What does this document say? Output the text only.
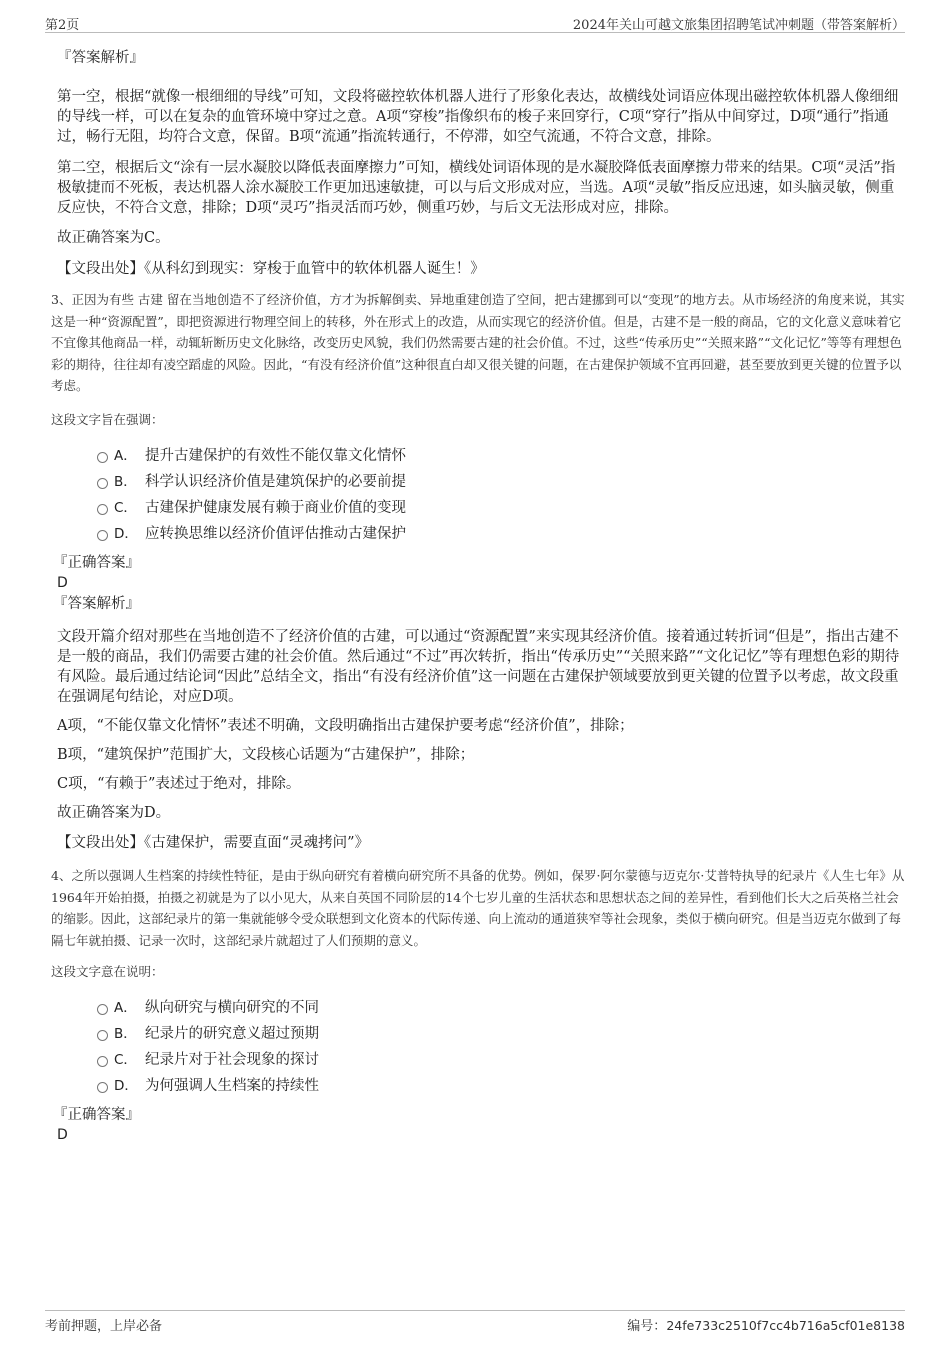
第2页	2024年关山可越文旅集团招聘笔试冲刺题（带答案解析）

『答案解析』

第一空，根据“就像一根细细的导线”可知，文段将磁控软体机器人进行了形象化表达，故横线处词语应体现出磁控软体机器人像细细的导线一样，可以在复杂的血管环境中穿过之意。A项“穿梭”指像织布的梭子来回穿行，C项“穿行”指从中间穿过，D项“通行”指通过，畅行无阻，均符合文意，保留。B项“流通”指流转通行，不停滞，如空气流通，不符合文意，排除。

第二空，根据后文“涂有一层水凝胶以降低表面摩擦力”可知，横线处词语体现的是水凝胶降低表面摩擦力带来的结果。C项“灵活”指极敏捷而不死板，表达机器人涂水凝胶工作更加迅速敏捷，可以与后文形成对应，当选。A项“灵敏”指反应迅速，如头脑灵敏，侧重反应快，不符合文意，排除；D项“灵巧”指灵活而巧妙，侧重巧妙，与后文无法形成对应，排除。

故正确答案为C。

【文段出处】《从科幻到现实：穿梭于血管中的软体机器人诞生！》

3、正因为有些 古建 留在当地创造不了经济价值，方才为拆解倒卖、异地重建创造了空间，把古建挪到可以“变现”的地方去。从市场经济的角度来说，其实这是一种“资源配置”，即把资源进行物理空间上的转移，外在形式上的改造，从而实现它的经济价值。但是，古建不是一般的商品，它的文化意义意味着它不宜像其他商品一样，动辄斩断历史文化脉络，改变历史风貌，我们仍然需要古建的社会价值。不过，这些“传承历史”“关照来路”“文化记忆”等等有理想色彩的期待，往往却有凌空蹈虚的风险。因此，“有没有经济价值”这种很直白却又很关键的问题，在古建保护领域不宜再回避，甚至要放到更关键的位置予以考虑。

这段文字旨在强调：

A． 提升古建保护的有效性不能仅靠文化情怀
B． 科学认识经济价值是建筑保护的必要前提
C． 古建保护健康发展有赖于商业价值的变现
D． 应转换思维以经济价值评估推动古建保护

『正确答案』

D

『答案解析』

文段开篇介绍对那些在当地创造不了经济价值的古建，可以通过“资源配置”来实现其经济价值。接着通过转折词“但是”，指出古建不是一般的商品，我们仍需要古建的社会价值。然后通过“不过”再次转折，指出“传承历史”“关照来路”“文化记忆”等有理想色彩的期待有风险。最后通过结论词“因此”总结全文，指出“有没有经济价值”这一问题在古建保护领域要放到更关键的位置予以考虑，故文段重在强调尾句结论，对应D项。

A项，“不能仅靠文化情怀”表述不明确，文段明确指出古建保护要考虑“经济价值”，排除；

B项，“建筑保护”范围扩大，文段核心话题为“古建保护”，排除；

C项，“有赖于”表述过于绝对，排除。

故正确答案为D。

【文段出处】《古建保护，需要直面“灵魂拷问”》

4、之所以强调人生档案的持续性特征，是由于纵向研究有着横向研究所不具备的优势。例如，保罗·阿尔蒙德与迈克尔·艾普特执导的纪录片《人生七年》从1964年开始拍摄，拍摄之初就是为了以小见大，从来自英国不同阶层的14个七岁儿童的生活状态和思想状态之间的差异性，看到他们长大之后英格兰社会的缩影。因此，这部纪录片的第一集就能够令受众联想到文化资本的代际传递、向上流动的通道狭窄等社会现象，类似于横向研究。但是当迈克尔做到了每隔七年就拍摄、记录一次时，这部纪录片就超过了人们预期的意义。

这段文字意在说明：

A． 纵向研究与横向研究的不同
B． 纪录片的研究意义超过预期
C． 纪录片对于社会现象的探讨
D． 为何强调人生档案的持续性

『正确答案』

D

考前押题，上岸必备	编号：24fe733c2510f7cc4b716a5cf01e8138
